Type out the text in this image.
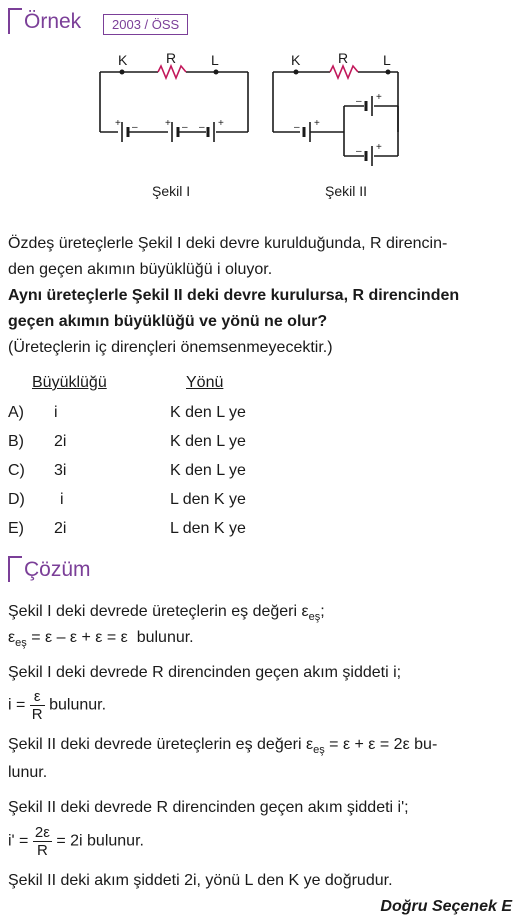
Örnek	2003 / ÖSS
K	R L	K	R L
+ –	+ – – +	– +
– +
– +
Şekil I	Şekil II
Özdeş üreteçlerle Şekil I deki devre kurulduğunda, R direncin-
den geçen akımın büyüklüğü i oluyor.
Aynı üreteçlerle Şekil II deki devre kurulursa, R direncinden
geçen akımın büyüklüğü ve yönü ne olur?
(Üreteçlerin iç dirençleri önemsenmeyecektir.)
Büyüklüğü	Yönü
A) i	K den L ye
B) 2i	K den L ye
C) 3i	K den L ye
D) i	L den K ye
E) 2i	L den K ye
Çözüm
Şekil I deki devrede üreteçlerin eş değeri $\varepsilon_{eş}$;
$\varepsilon_{eş} = \varepsilon - \varepsilon + \varepsilon = \varepsilon$ bulunur.
Şekil I deki devrede R direncinden geçen akım şiddeti i;
$i = \frac{\varepsilon}{R}$ bulunur.
Şekil II deki devrede üreteçlerin eş değeri $\varepsilon_{eş} = \varepsilon + \varepsilon = 2\varepsilon$ bu-
lunur.
Şekil II deki devrede R direncinden geçen akım şiddeti i';
$i' = \frac{2\varepsilon}{R} = 2i$ bulunur.
Şekil II deki akım şiddeti 2i, yönü L den K ye doğrudur.
Doğru Seçenek E
